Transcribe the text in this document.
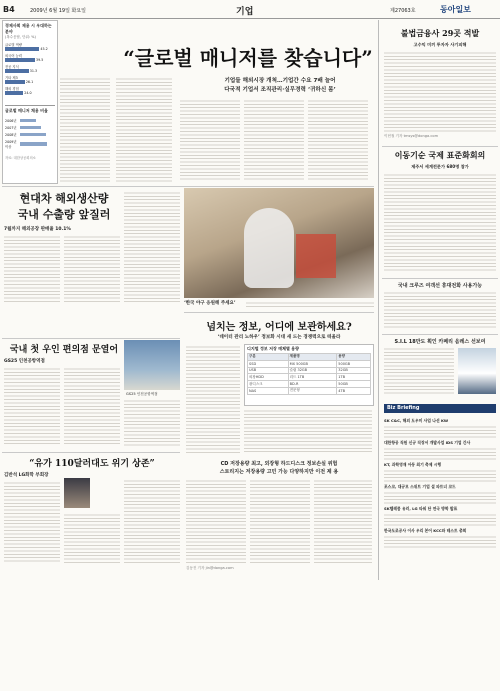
B4	2009년 6월 19일 화요일	기업	제27063호	동아일보
경제사회 제용 시 우대하는 분야
(복수응답, 단위: %)
글로벌 역량
45.2
외국어 능력
39.5
전공 지식
31.3
기타 제3
26.1
해외 경험
24.0
글로벌 매니저 채용 비율
2006년
2007년
2008년
2009년 이상
자료: 대한상공회의소
“글로벌 매니저를 찾습니다”
기업들 해외시장 개척…기업간 수요 7배 늘어
다국적 기업서 조직관리·실무경력 ‘귀하신 몸’
현대차 해외생산량
국내 수출량 앞질러
7월까지 해외공장 판매율 10.1%
‘한국 야구 응원해 주세요’
국내 첫 우인 편의점 문열어
GS25 인천공항역점
GS25 인천공항역점
“유가 110달러대도 위기 상존”
김반석 LG화학 부회장
넘치는 정보, 어디에 보관하세요?
‘데이터 관리 노하우’ 정보화 시대 새 드는 경쟁력으로 떠올라
디지털 정보 저장 매체별 용량
구분	제품명	용량
SSD	MX 500GB	500GB
USB	슬림 32GB	32GB
외장HDD	리드 1TB	1TB
광디스크	BD-R	50GB
NAS	전문형	4TB
CD 저장용량 최고, 외장형 하드디스크 정보손실 위험
스토리지는 저장용량 고민 가능 다양하지만 이전 제 용
김동진 기자 jin@donga.com
불법금융사 29곳 적발
고수익 미끼 투자자 사기피해
이헌철 기자 tmsys@donga.com
이동기순 국제 표준화회의
제주서 세계전문가 680명 참가
국내 크루즈 여객선 휴대전화 사용가능
S.I.L 18만도 획인 카페리 음레스 선보여
Biz Briefing
SK C&C, 해외 도우미 사업 나선 KW
대한항공 직원 신규 직장서 개발사업 IDS 기업 간사
KT, 과학영재 아동 최기 축제 시행
포스코, 대규모 스위트 기업 설 파트너 코드
SK텔레콤 유러, LG 타워 단 연극 방학 발표
한국도로공사 이사 우리 본어 KCC와 테스트 총회
